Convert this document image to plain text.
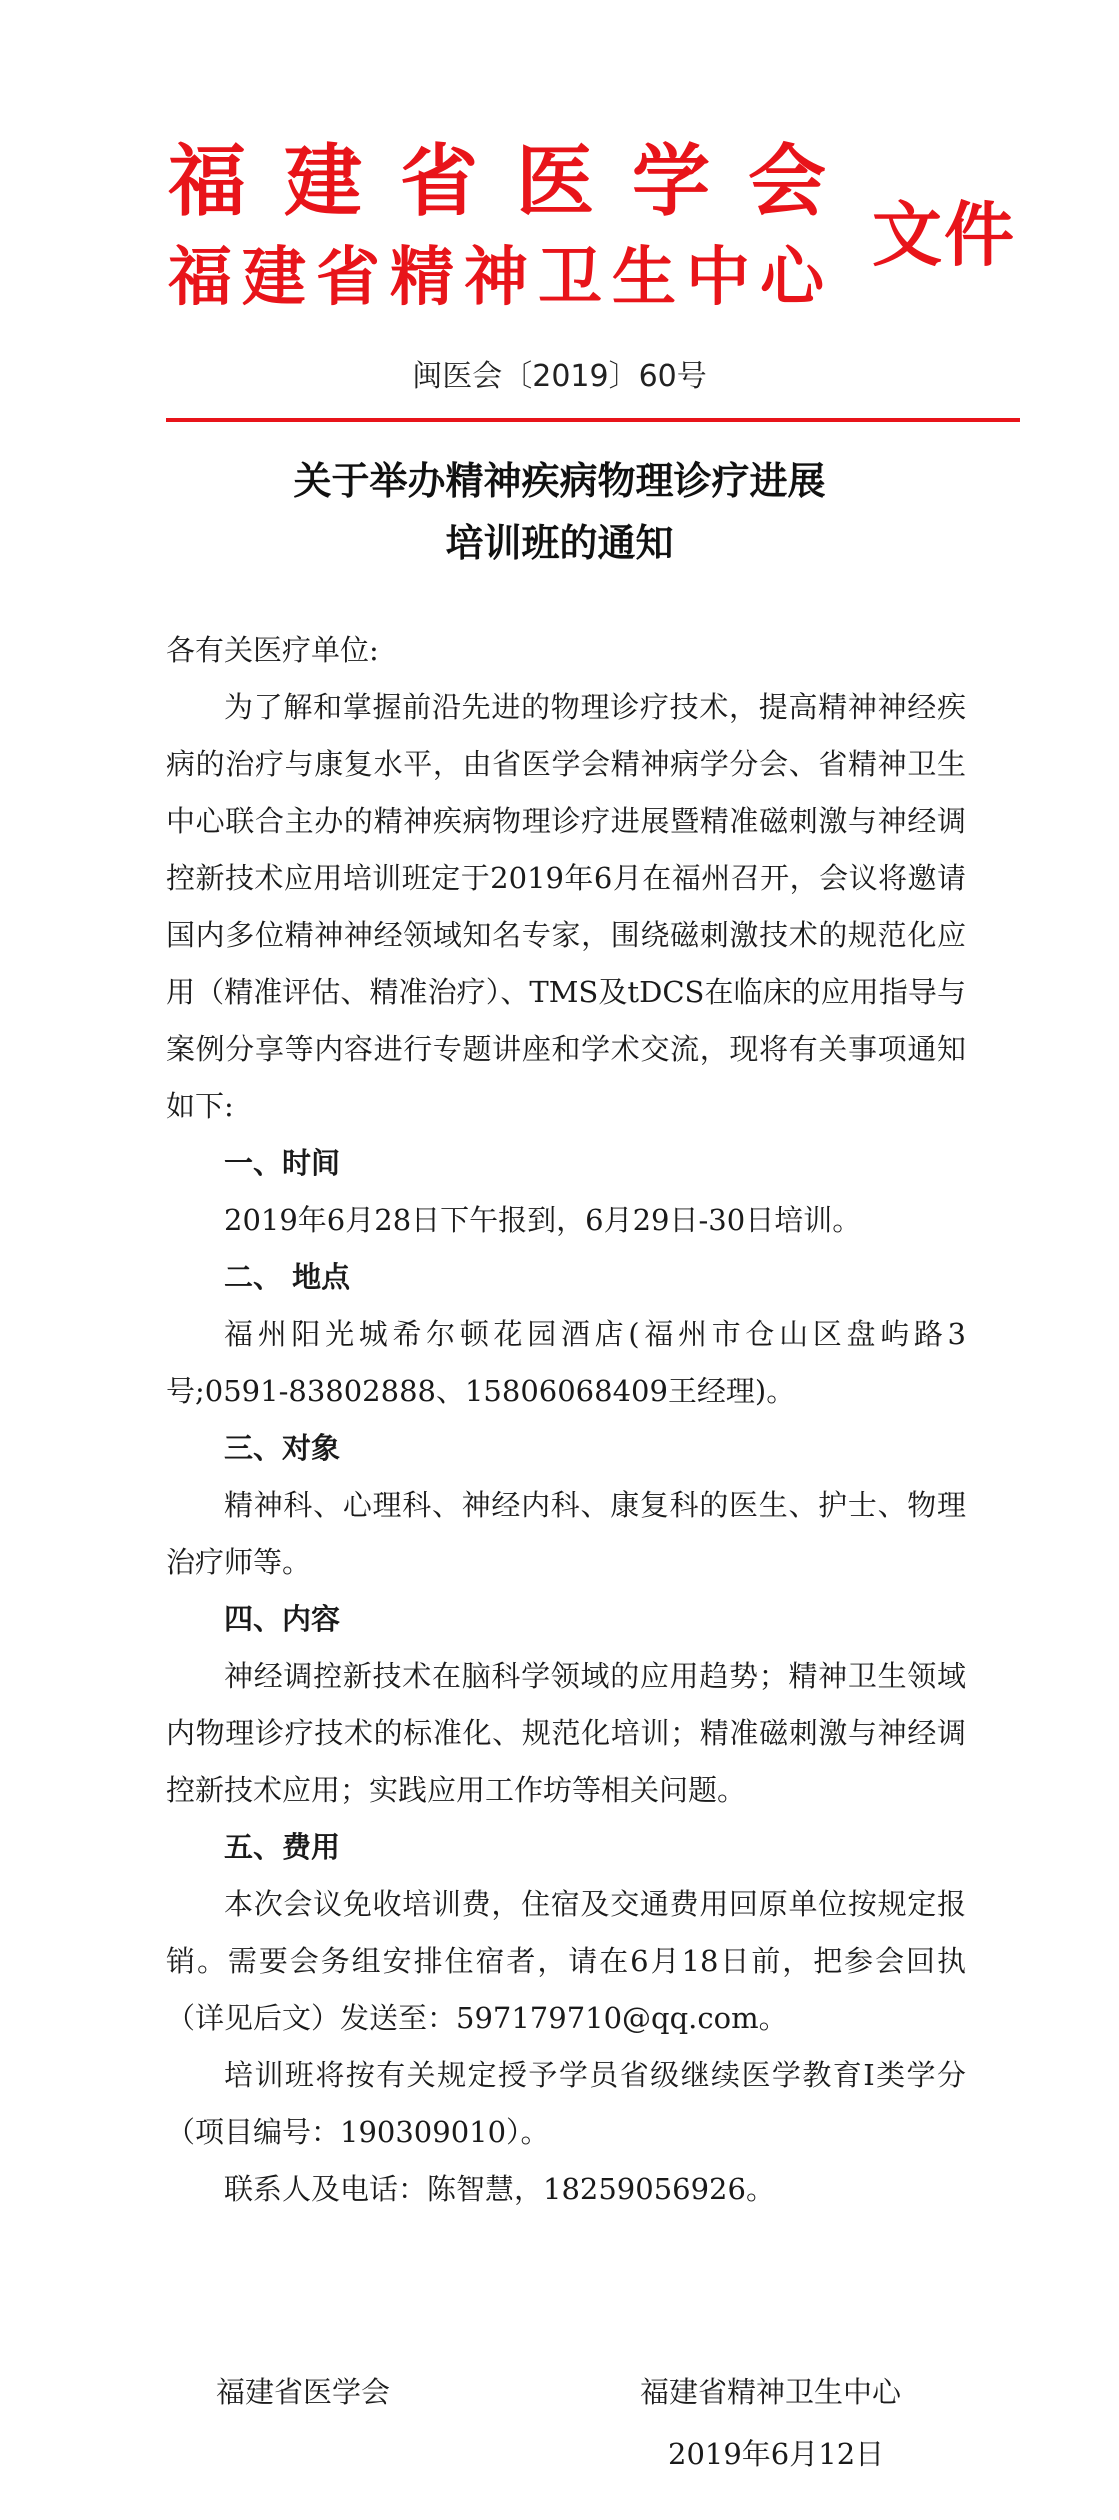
福建省医学会
福建省精神卫生中心
文件
闽医会〔2019〕60号
关于举办精神疾病物理诊疗进展
培训班的通知

各有关医疗单位:

为了解和掌握前沿先进的物理诊疗技术，提高精神神经疾病的治疗与康复水平，由省医学会精神病学分会、省精神卫生中心联合主办的精神疾病物理诊疗进展暨精准磁刺激与神经调控新技术应用培训班定于2019年6月在福州召开，会议将邀请国内多位精神神经领域知名专家，围绕磁刺激技术的规范化应用（精准评估、精准治疗）、TMS及tDCS在临床的应用指导与案例分享等内容进行专题讲座和学术交流，现将有关事项通知如下:

一、时间

2019年6月28日下午报到，6月29日-30日培训。

二、 地点

福州阳光城希尔顿花园酒店(福州市仓山区盘屿路3号;0591-83802888、15806068409王经理)。

三、对象

精神科、心理科、神经内科、康复科的医生、护士、物理治疗师等。

四、内容

神经调控新技术在脑科学领域的应用趋势；精神卫生领域内物理诊疗技术的标准化、规范化培训；精准磁刺激与神经调控新技术应用；实践应用工作坊等相关问题。

五、费用

本次会议免收培训费，住宿及交通费用回原单位按规定报销。需要会务组安排住宿者，请在6月18日前，把参会回执（详见后文）发送至：597179710@qq.com。

培训班将按有关规定授予学员省级继续医学教育I类学分（项目编号：190309010）。

联系人及电话：陈智慧，18259056926。

福建省医学会	福建省精神卫生中心
2019年6月12日
